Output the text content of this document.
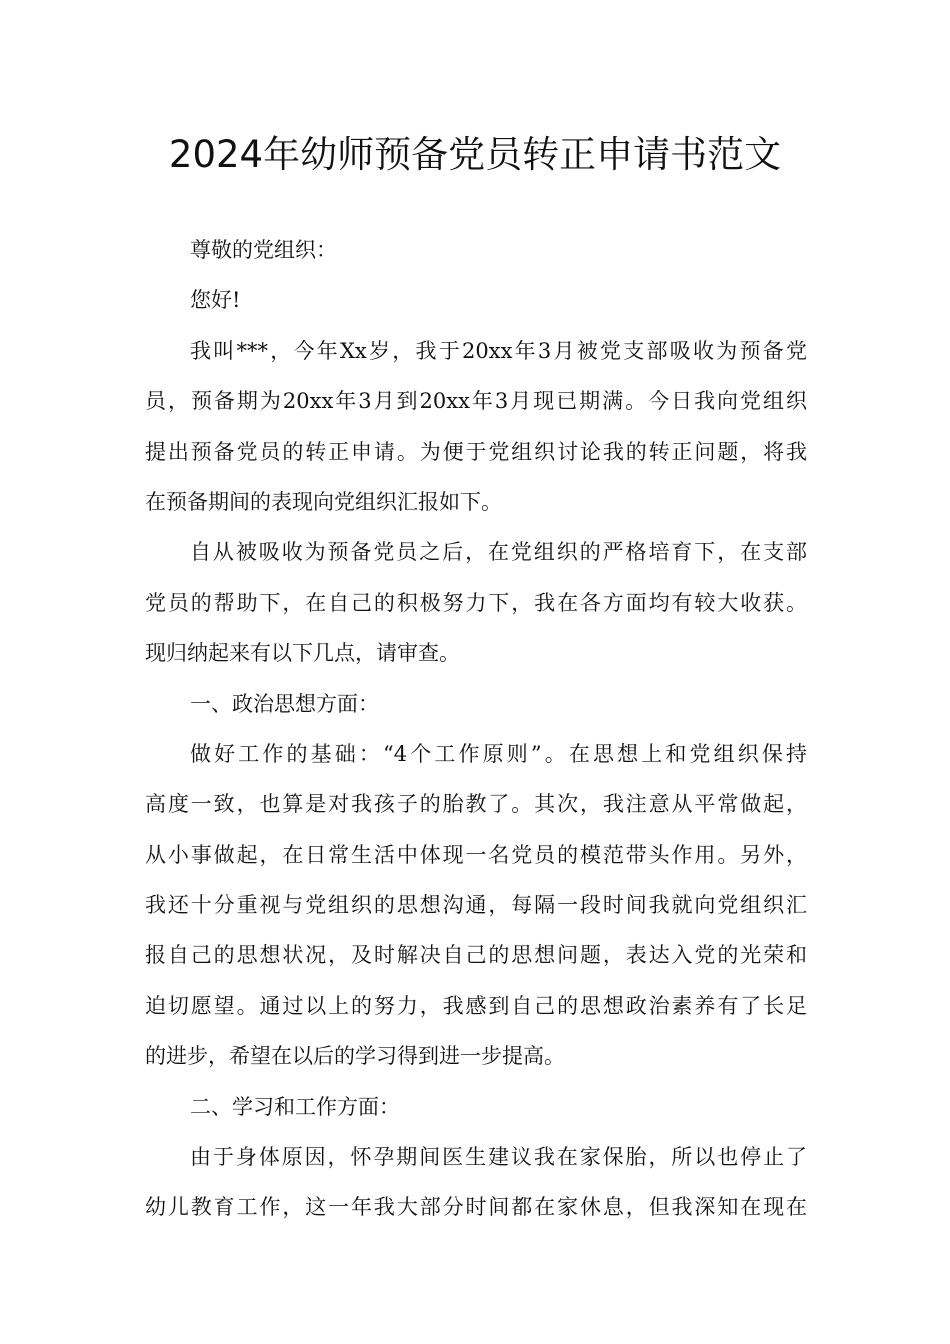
2024年幼师预备党员转正申请书范文
尊敬的党组织：
您好!
我叫***，今年Xx岁，我于20xx年3月被党支部吸收为预备党
员，预备期为20xx年3月到20xx年3月现已期满。今日我向党组织
提出预备党员的转正申请。为便于党组织讨论我的转正问题，将我
在预备期间的表现向党组织汇报如下。
自从被吸收为预备党员之后，在党组织的严格培育下，在支部
党员的帮助下，在自己的积极努力下，我在各方面均有较大收获。
现归纳起来有以下几点，请审查。
一、政治思想方面：
做好工作的基础：“4个工作原则”。在思想上和党组织保持
高度一致，也算是对我孩子的胎教了。其次，我注意从平常做起，
从小事做起，在日常生活中体现一名党员的模范带头作用。另外，
我还十分重视与党组织的思想沟通，每隔一段时间我就向党组织汇
报自己的思想状况，及时解决自己的思想问题，表达入党的光荣和
迫切愿望。通过以上的努力，我感到自己的思想政治素养有了长足
的进步，希望在以后的学习得到进一步提高。
二、学习和工作方面：
由于身体原因，怀孕期间医生建议我在家保胎，所以也停止了
幼儿教育工作，这一年我大部分时间都在家休息，但我深知在现在
